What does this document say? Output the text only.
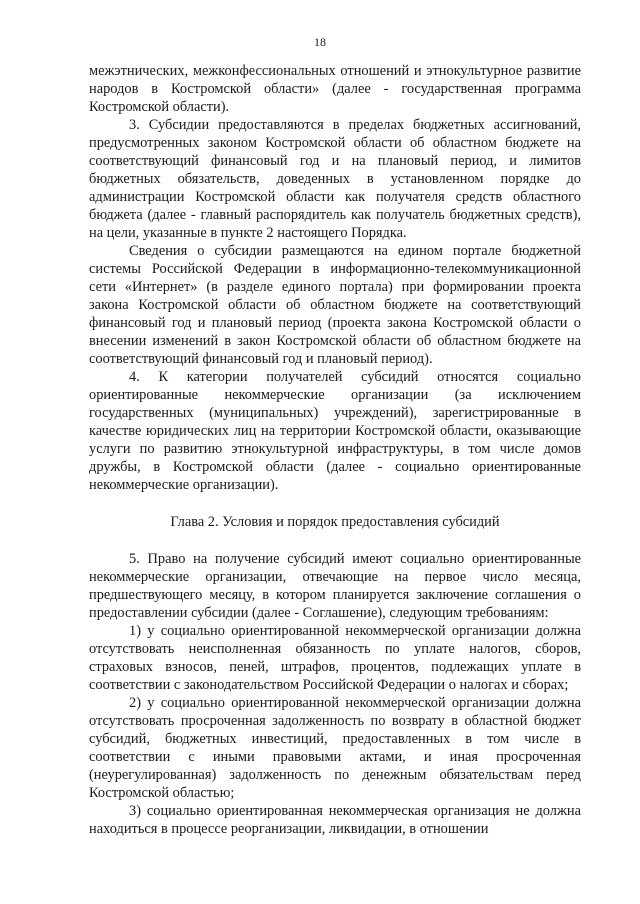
18

межэтнических, межконфессиональных отношений и этнокультурное развитие народов в Костромской области» (далее - государственная программа Костромской области).

3. Субсидии предоставляются в пределах бюджетных ассигнований, предусмотренных законом Костромской области об областном бюджете на соответствующий финансовый год и на плановый период, и лимитов бюджетных обязательств, доведенных в установленном порядке до администрации Костромской области как получателя средств областного бюджета (далее - главный распорядитель как получатель бюджетных средств), на цели, указанные в пункте 2 настоящего Порядка.

Сведения о субсидии размещаются на едином портале бюджетной системы Российской Федерации в информационно-телекоммуникационной сети «Интернет» (в разделе единого портала) при формировании проекта закона Костромской области об областном бюджете на соответствующий финансовый год и плановый период (проекта закона Костромской области о внесении изменений в закон Костромской области об областном бюджете на соответствующий финансовый год и плановый период).

4. К категории получателей субсидий относятся социально ориентированные некоммерческие организации (за исключением государственных (муниципальных) учреждений), зарегистрированные в качестве юридических лиц на территории Костромской области, оказывающие услуги по развитию этнокультурной инфраструктуры, в том числе домов дружбы, в Костромской области (далее - социально ориентированные некоммерческие организации).

Глава 2. Условия и порядок предоставления субсидий

5. Право на получение субсидий имеют социально ориентированные некоммерческие организации, отвечающие на первое число месяца, предшествующего месяцу, в котором планируется заключение соглашения о предоставлении субсидии (далее - Соглашение), следующим требованиям:

1) у социально ориентированной некоммерческой организации должна отсутствовать неисполненная обязанность по уплате налогов, сборов, страховых взносов, пеней, штрафов, процентов, подлежащих уплате в соответствии с законодательством Российской Федерации о налогах и сборах;

2) у социально ориентированной некоммерческой организации должна отсутствовать просроченная задолженность по возврату в областной бюджет субсидий, бюджетных инвестиций, предоставленных в том числе в соответствии с иными правовыми актами, и иная просроченная (неурегулированная) задолженность по денежным обязательствам перед Костромской областью;

3) социально ориентированная некоммерческая организация не должна находиться в процессе реорганизации, ликвидации, в отношении
